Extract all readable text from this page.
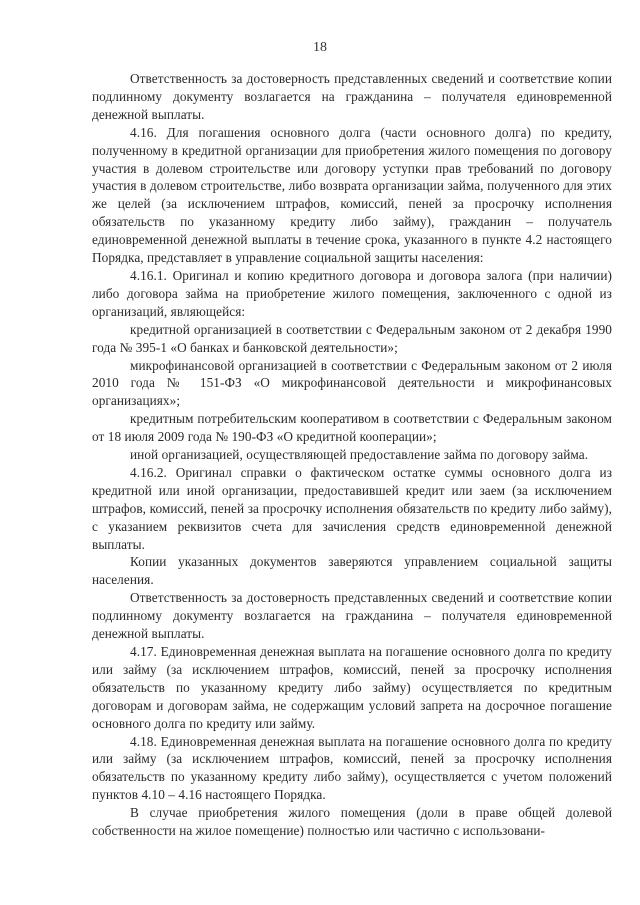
18

Ответственность за достоверность представленных сведений и соответствие копии подлинному документу возлагается на гражданина – получателя единовременной денежной выплаты.

4.16. Для погашения основного долга (части основного долга) по кредиту, полученному в кредитной организации для приобретения жилого помещения по договору участия в долевом строительстве или договору уступки прав требований по договору участия в долевом строительстве, либо возврата организации займа, полученного для этих же целей (за исключением штрафов, комиссий, пеней за просрочку исполнения обязательств по указанному кредиту либо займу), гражданин – получатель единовременной денежной выплаты в течение срока, указанного в пункте 4.2 настоящего Порядка, представляет в управление социальной защиты населения:

4.16.1. Оригинал и копию кредитного договора и договора залога (при наличии) либо договора займа на приобретение жилого помещения, заключенного с одной из организаций, являющейся:

кредитной организацией в соответствии с Федеральным законом от 2 декабря 1990 года № 395-1 «О банках и банковской деятельности»;

микрофинансовой организацией в соответствии с Федеральным законом от 2 июля 2010 года № 151-ФЗ «О микрофинансовой деятельности и микрофинансовых организациях»;

кредитным потребительским кооперативом в соответствии с Федеральным законом от 18 июля 2009 года № 190-ФЗ «О кредитной кооперации»;

иной организацией, осуществляющей предоставление займа по договору займа.

4.16.2. Оригинал справки о фактическом остатке суммы основного долга из кредитной или иной организации, предоставившей кредит или заем (за исключением штрафов, комиссий, пеней за просрочку исполнения обязательств по кредиту либо займу), с указанием реквизитов счета для зачисления средств единовременной денежной выплаты.

Копии указанных документов заверяются управлением социальной защиты населения.

Ответственность за достоверность представленных сведений и соответствие копии подлинному документу возлагается на гражданина – получателя единовременной денежной выплаты.

4.17. Единовременная денежная выплата на погашение основного долга по кредиту или займу (за исключением штрафов, комиссий, пеней за просрочку исполнения обязательств по указанному кредиту либо займу) осуществляется по кредитным договорам и договорам займа, не содержащим условий запрета на досрочное погашение основного долга по кредиту или займу.

4.18. Единовременная денежная выплата на погашение основного долга по кредиту или займу (за исключением штрафов, комиссий, пеней за просрочку исполнения обязательств по указанному кредиту либо займу), осуществляется с учетом положений пунктов 4.10 – 4.16 настоящего Порядка.

В случае приобретения жилого помещения (доли в праве общей долевой собственности на жилое помещение) полностью или частично с использовани-
